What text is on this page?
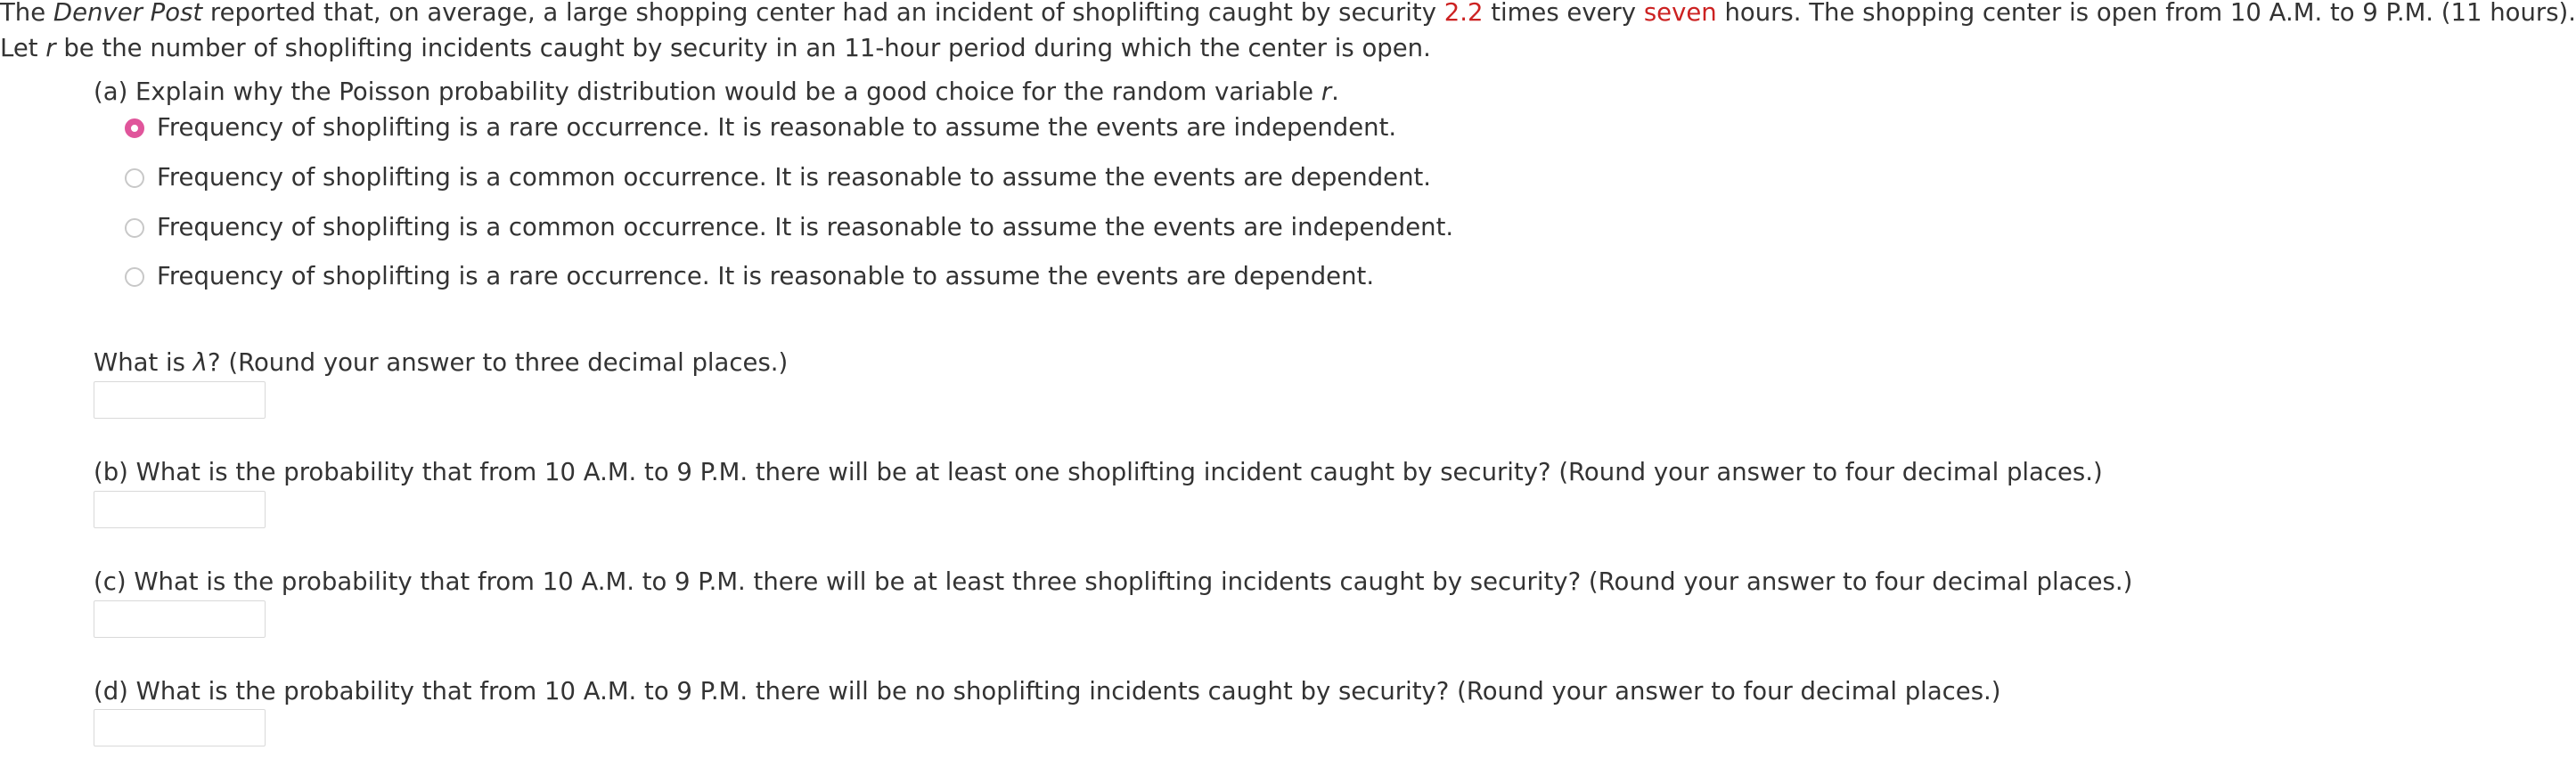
The Denver Post reported that, on average, a large shopping center had an incident of shoplifting caught by security 2.2 times every seven hours. The shopping center is open from 10 A.M. to 9 P.M. (11 hours).

Let r be the number of shoplifting incidents caught by security in an 11-hour period during which the center is open.

(a) Explain why the Poisson probability distribution would be a good choice for the random variable r.
Frequency of shoplifting is a rare occurrence. It is reasonable to assume the events are independent.
Frequency of shoplifting is a common occurrence. It is reasonable to assume the events are dependent.
Frequency of shoplifting is a common occurrence. It is reasonable to assume the events are independent.
Frequency of shoplifting is a rare occurrence. It is reasonable to assume the events are dependent.
What is λ? (Round your answer to three decimal places.)
(b) What is the probability that from 10 A.M. to 9 P.M. there will be at least one shoplifting incident caught by security? (Round your answer to four decimal places.)
(c) What is the probability that from 10 A.M. to 9 P.M. there will be at least three shoplifting incidents caught by security? (Round your answer to four decimal places.)
(d) What is the probability that from 10 A.M. to 9 P.M. there will be no shoplifting incidents caught by security? (Round your answer to four decimal places.)
